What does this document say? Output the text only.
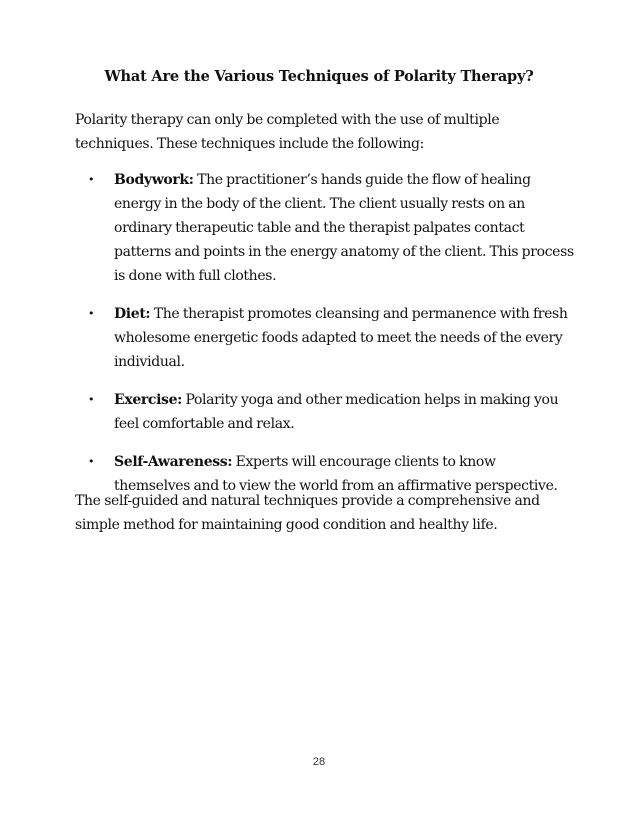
What Are the Various Techniques of Polarity Therapy?

Polarity therapy can only be completed with the use of multiple techniques. These techniques include the following:

• Bodywork: The practitioner’s hands guide the flow of healing energy in the body of the client. The client usually rests on an ordinary therapeutic table and the therapist palpates contact patterns and points in the energy anatomy of the client. This process is done with full clothes.
• Diet: The therapist promotes cleansing and permanence with fresh wholesome energetic foods adapted to meet the needs of the every individual.
• Exercise: Polarity yoga and other medication helps in making you feel comfortable and relax.
• Self-Awareness: Experts will encourage clients to know themselves and to view the world from an affirmative perspective.

The self-guided and natural techniques provide a comprehensive and simple method for maintaining good condition and healthy life.

28
